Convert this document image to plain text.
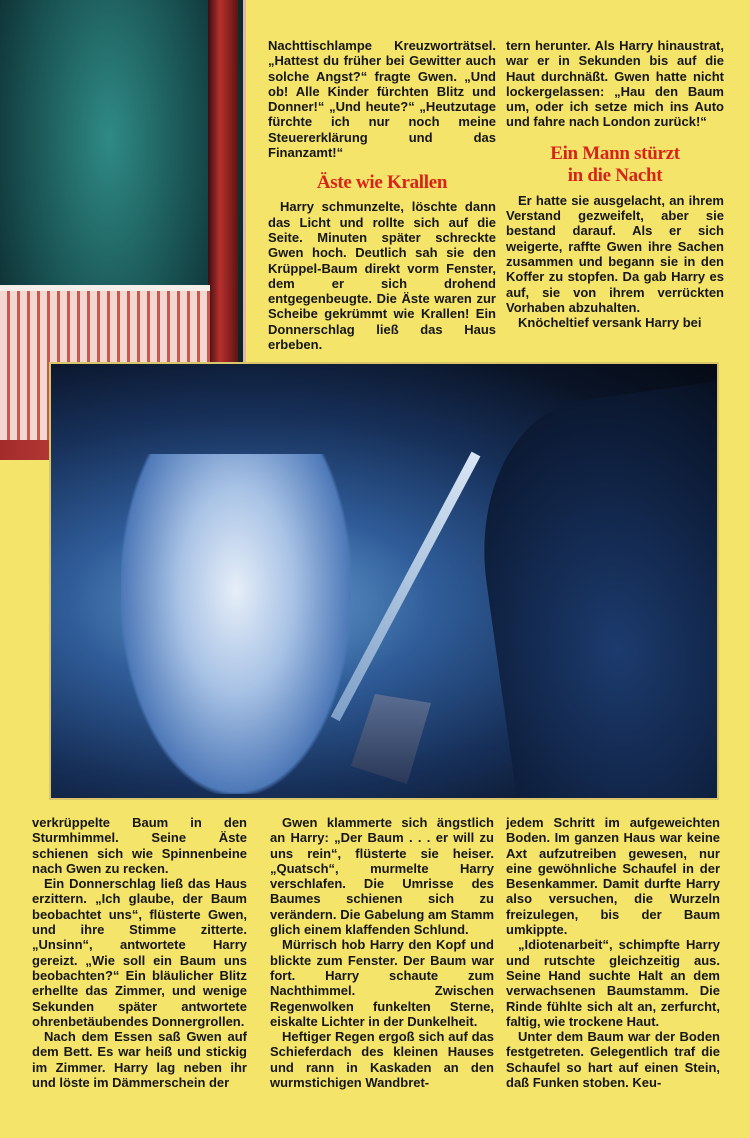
Nachttischlampe Kreuzworträtsel. „Hattest du früher bei Gewitter auch solche Angst?“ fragte Gwen. „Und ob! Alle Kinder fürchten Blitz und Donner!“ „Und heute?“ „Heutzutage fürchte ich nur noch meine Steuererklärung und das Finanzamt!“

Äste wie Krallen

Harry schmunzelte, löschte dann das Licht und rollte sich auf die Seite. Minuten später schreckte Gwen hoch. Deutlich sah sie den Krüppel-Baum direkt vorm Fenster, dem er sich drohend entgegenbeugte. Die Äste waren zur Scheibe gekrümmt wie Krallen! Ein Donnerschlag ließ das Haus erbeben.

tern herunter. Als Harry hinaustrat, war er in Sekunden bis auf die Haut durchnäßt. Gwen hatte nicht lockergelassen: „Hau den Baum um, oder ich setze mich ins Auto und fahre nach London zurück!“

Ein Mann stürzt
in die Nacht

Er hatte sie ausgelacht, an ihrem Verstand gezweifelt, aber sie bestand darauf. Als er sich weigerte, raffte Gwen ihre Sachen zusammen und begann sie in den Koffer zu stopfen. Da gab Harry es auf, sie von ihrem verrückten Vorhaben abzuhalten.

Knöcheltief versank Harry bei

verkrüppelte Baum in den Sturmhimmel. Seine Äste schienen sich wie Spinnenbeine nach Gwen zu recken.

Ein Donnerschlag ließ das Haus erzittern. „Ich glaube, der Baum beobachtet uns“, flüsterte Gwen, und ihre Stimme zitterte. „Unsinn“, antwortete Harry gereizt. „Wie soll ein Baum uns beobachten?“ Ein bläulicher Blitz erhellte das Zimmer, und wenige Sekunden später antwortete ohrenbetäubendes Donnergrollen.

Nach dem Essen saß Gwen auf dem Bett. Es war heiß und stickig im Zimmer. Harry lag neben ihr und löste im Dämmerschein der

Gwen klammerte sich ängstlich an Harry: „Der Baum . . . er will zu uns rein“, flüsterte sie heiser. „Quatsch“, murmelte Harry verschlafen. Die Umrisse des Baumes schienen sich zu verändern. Die Gabelung am Stamm glich einem klaffenden Schlund.

Mürrisch hob Harry den Kopf und blickte zum Fenster. Der Baum war fort. Harry schaute zum Nachthimmel. Zwischen Regenwolken funkelten Sterne, eiskalte Lichter in der Dunkelheit.

Heftiger Regen ergoß sich auf das Schieferdach des kleinen Hauses und rann in Kaskaden an den wurmstichigen Wandbret-

jedem Schritt im aufgeweichten Boden. Im ganzen Haus war keine Axt aufzutreiben gewesen, nur eine gewöhnliche Schaufel in der Besenkammer. Damit durfte Harry also versuchen, die Wurzeln freizulegen, bis der Baum umkippte.

„Idiotenarbeit“, schimpfte Harry und rutschte gleichzeitig aus. Seine Hand suchte Halt an dem verwachsenen Baumstamm. Die Rinde fühlte sich alt an, zerfurcht, faltig, wie trockene Haut.

Unter dem Baum war der Boden festgetreten. Gelegentlich traf die Schaufel so hart auf einen Stein, daß Funken stoben. Keu-
